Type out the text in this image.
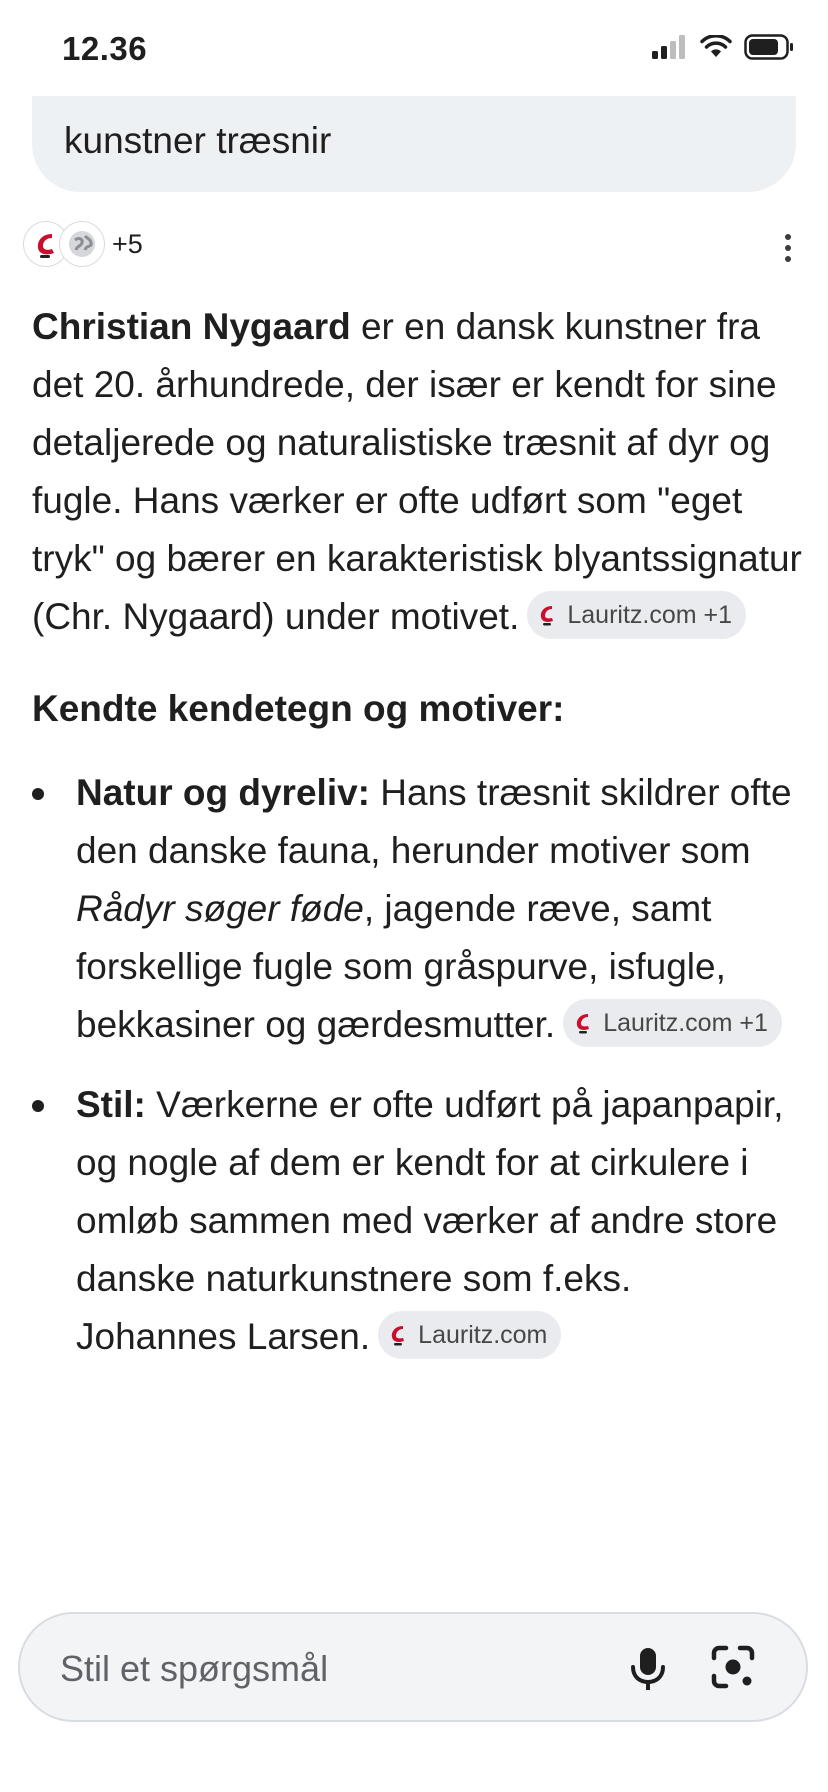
12.36
kunstner træsnir
+5

Christian Nygaard er en dansk kunstner fra det 20. århundrede, der især er kendt for sine detaljerede og naturalistiske træsnit af dyr og fugle. Hans værker er ofte udført som "eget tryk" og bærer en karakteristisk blyantssignatur (Chr. Nygaard) under motivet. Lauritz.com +1

Kendte kendetegn og motiver:

Natur og dyreliv: Hans træsnit skildrer ofte den danske fauna, herunder motiver som Rådyr søger føde, jagende ræve, samt forskellige fugle som gråspurve, isfugle, bekkasiner og gærdesmutter. Lauritz.com +1
Stil: Værkerne er ofte udført på japanpapir, og nogle af dem er kendt for at cirkulere i omløb sammen med værker af andre store danske naturkunstnere som f.eks. Johannes Larsen. Lauritz.com
Stil et spørgsmål
